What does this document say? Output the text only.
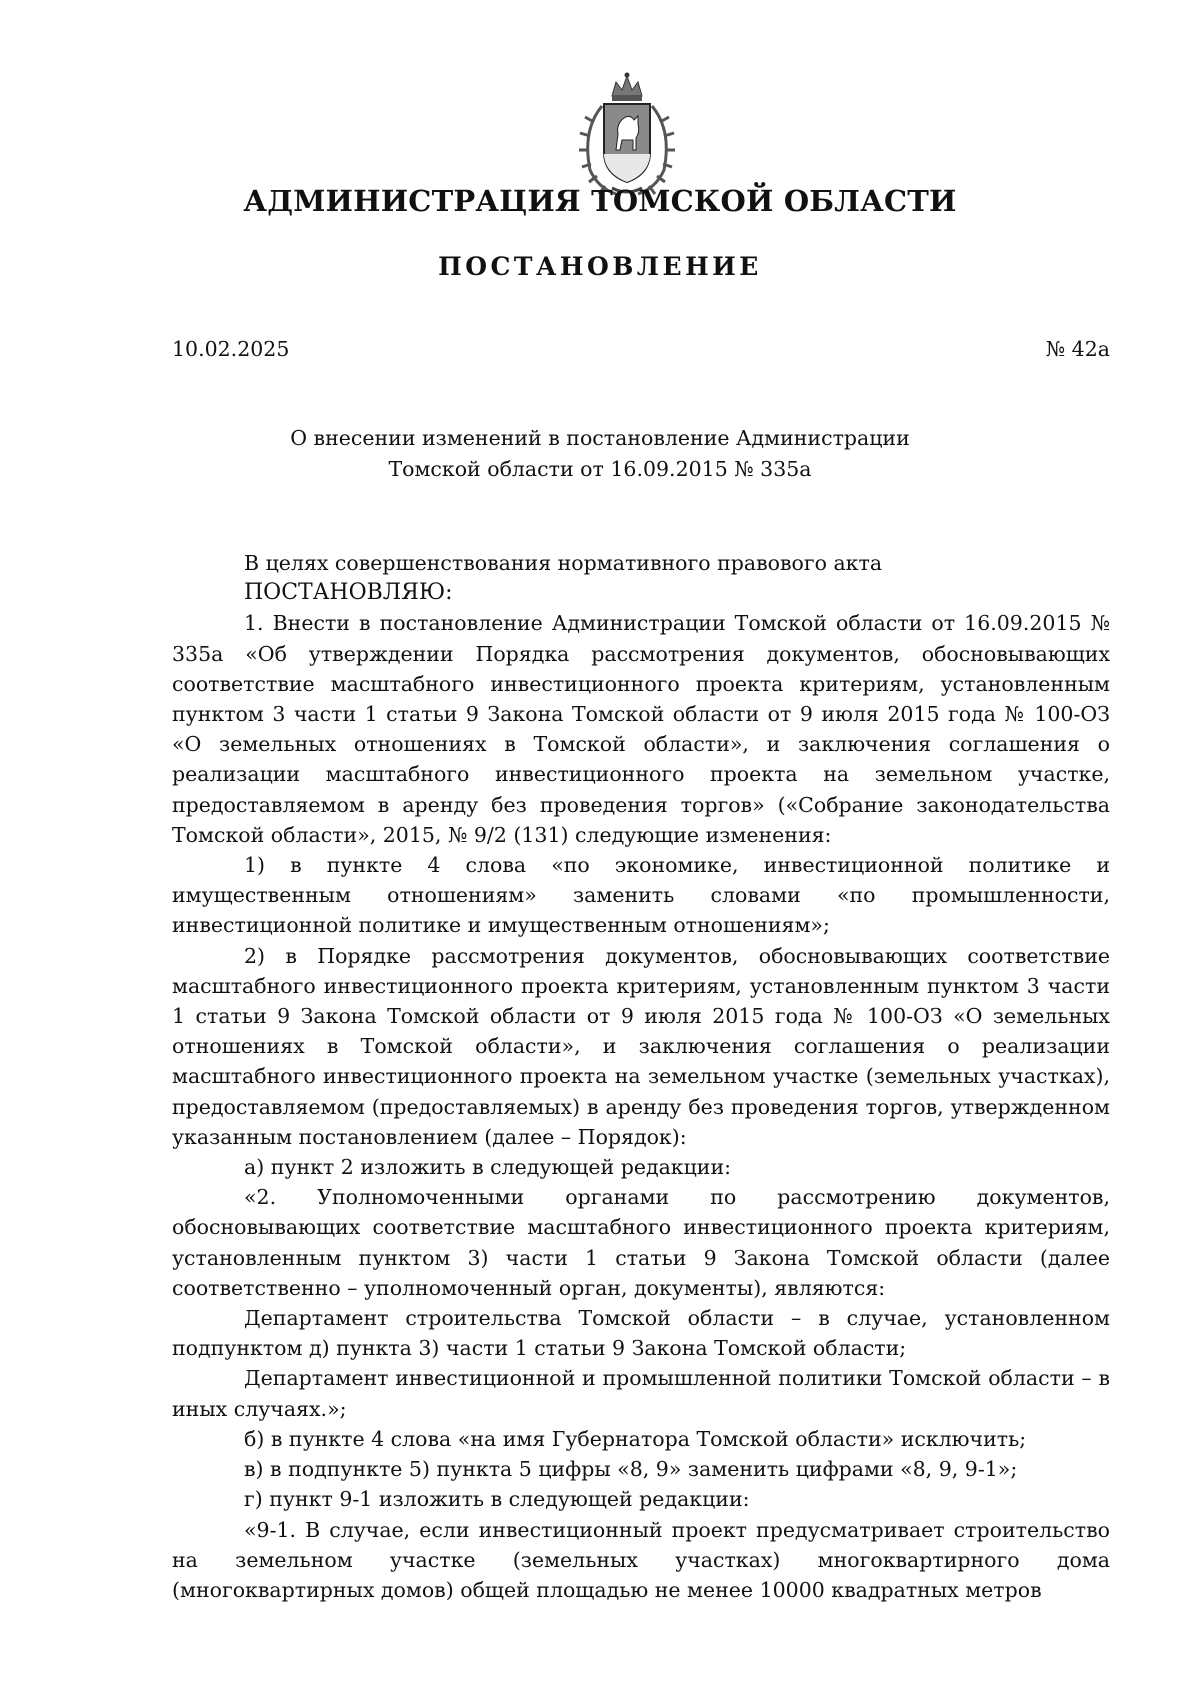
АДМИНИСТРАЦИЯ ТОМСКОЙ ОБЛАСТИ
ПОСТАНОВЛЕНИЕ
10.02.2025	№ 42а
О внесении изменений в постановление Администрации
Томской области от 16.09.2015 № 335а

В целях совершенствования нормативного правового акта

ПОСТАНОВЛЯЮ:

1. Внести в постановление Администрации Томской области от 16.09.2015 № 335а «Об утверждении Порядка рассмотрения документов, обосновывающих соответствие масштабного инвестиционного проекта критериям, установленным пунктом 3 части 1 статьи 9 Закона Томской области от 9 июля 2015 года № 100-ОЗ «О земельных отношениях в Томской области», и заключения соглашения о реализации масштабного инвестиционного проекта на земельном участке, предоставляемом в аренду без проведения торгов» («Собрание законодательства Томской области», 2015, № 9/2 (131) следующие изменения:

1) в пункте 4 слова «по экономике, инвестиционной политике и имущественным отношениям» заменить словами «по промышленности, инвестиционной политике и имущественным отношениям»;

2) в Порядке рассмотрения документов, обосновывающих соответствие масштабного инвестиционного проекта критериям, установленным пунктом 3 части 1 статьи 9 Закона Томской области от 9 июля 2015 года № 100-ОЗ «О земельных отношениях в Томской области», и заключения соглашения о реализации масштабного инвестиционного проекта на земельном участке (земельных участках), предоставляемом (предоставляемых) в аренду без проведения торгов, утвержденном указанным постановлением (далее – Порядок):

а) пункт 2 изложить в следующей редакции:

«2. Уполномоченными органами по рассмотрению документов, обосновывающих соответствие масштабного инвестиционного проекта критериям, установленным пунктом 3) части 1 статьи 9 Закона Томской области (далее соответственно – уполномоченный орган, документы), являются:

Департамент строительства Томской области – в случае, установленном подпунктом д) пункта 3) части 1 статьи 9 Закона Томской области;

Департамент инвестиционной и промышленной политики Томской области – в иных случаях.»;

б) в пункте 4 слова «на имя Губернатора Томской области» исключить;

в) в подпункте 5) пункта 5 цифры «8, 9» заменить цифрами «8, 9, 9-1»;

г) пункт 9-1 изложить в следующей редакции:

«9-1. В случае, если инвестиционный проект предусматривает строительство на земельном участке (земельных участках) многоквартирного дома (многоквартирных домов) общей площадью не менее 10000 квадратных метров
